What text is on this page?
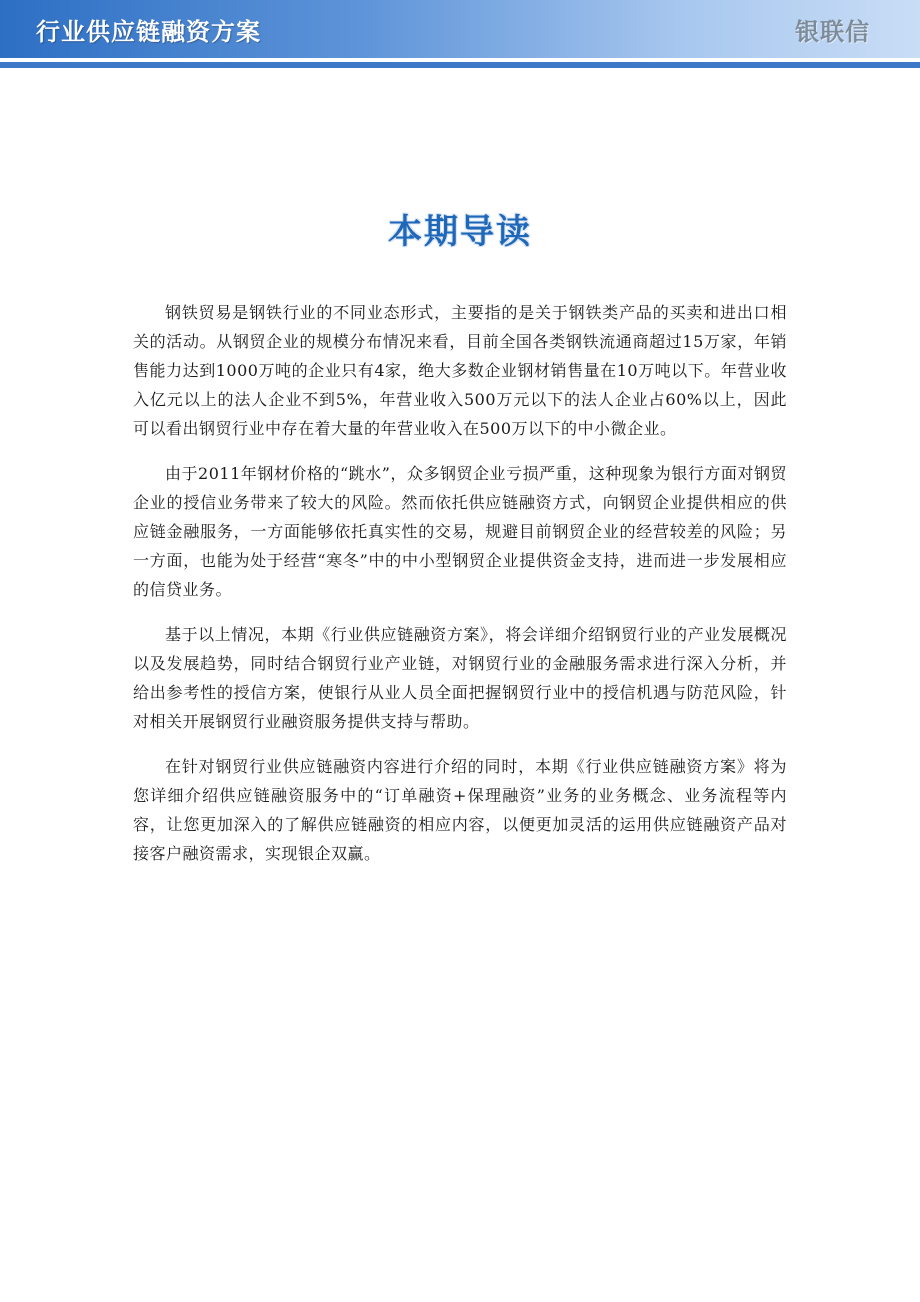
行业供应链融资方案	银联信
本期导读

钢铁贸易是钢铁行业的不同业态形式，主要指的是关于钢铁类产品的买卖和进出口相关的活动。从钢贸企业的规模分布情况来看，目前全国各类钢铁流通商超过15万家，年销售能力达到1000万吨的企业只有4家，绝大多数企业钢材销售量在10万吨以下。年营业收入亿元以上的法人企业不到5%，年营业收入500万元以下的法人企业占60%以上，因此可以看出钢贸行业中存在着大量的年营业收入在500万以下的中小微企业。

由于2011年钢材价格的“跳水”，众多钢贸企业亏损严重，这种现象为银行方面对钢贸企业的授信业务带来了较大的风险。然而依托供应链融资方式，向钢贸企业提供相应的供应链金融服务，一方面能够依托真实性的交易，规避目前钢贸企业的经营较差的风险；另一方面，也能为处于经营“寒冬”中的中小型钢贸企业提供资金支持，进而进一步发展相应的信贷业务。

基于以上情况，本期《行业供应链融资方案》，将会详细介绍钢贸行业的产业发展概况以及发展趋势，同时结合钢贸行业产业链，对钢贸行业的金融服务需求进行深入分析，并给出参考性的授信方案，使银行从业人员全面把握钢贸行业中的授信机遇与防范风险，针对相关开展钢贸行业融资服务提供支持与帮助。

在针对钢贸行业供应链融资内容进行介绍的同时，本期《行业供应链融资方案》将为您详细介绍供应链融资服务中的“订单融资+保理融资”业务的业务概念、业务流程等内容，让您更加深入的了解供应链融资的相应内容，以便更加灵活的运用供应链融资产品对接客户融资需求，实现银企双赢。
